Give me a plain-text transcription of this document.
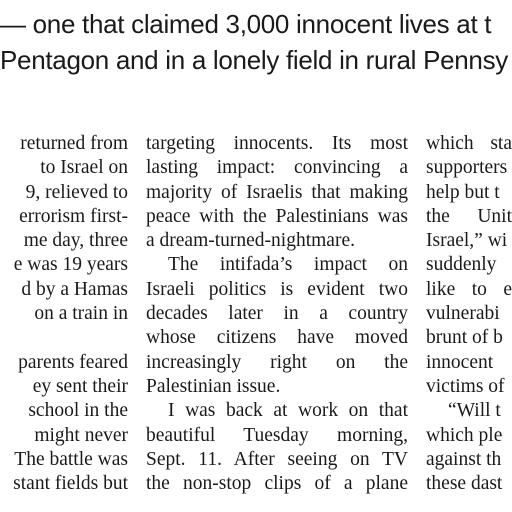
— one that claimed 3,000 innocent lives at t
Pentagon and in a lonely field in rural Pennsy
returned from
to Israel on
9, relieved to
errorism first-
me day, three
e was 19 years
d by a Hamas
on a train in
parents feared
ey sent their
school in the
might never
The battle was
stant fields but
targeting innocents. Its most
lasting impact: convincing a
majority of Israelis that making
peace with the Palestinians was
a dream-turned-nightmare.
The intifada’s impact on
Israeli politics is evident two
decades later in a country
whose citizens have moved
increasingly right on the
Palestinian issue.
I was back at work on that
beautiful Tuesday morning,
Sept. 11. After seeing on TV
the non-stop clips of a plane
which sta
supporters
help but t
the Unit
Israel,” wi
suddenly
like to e
vulnerabi
brunt of b
innocent
victims of
“Will t
which ple
against th
these dast
